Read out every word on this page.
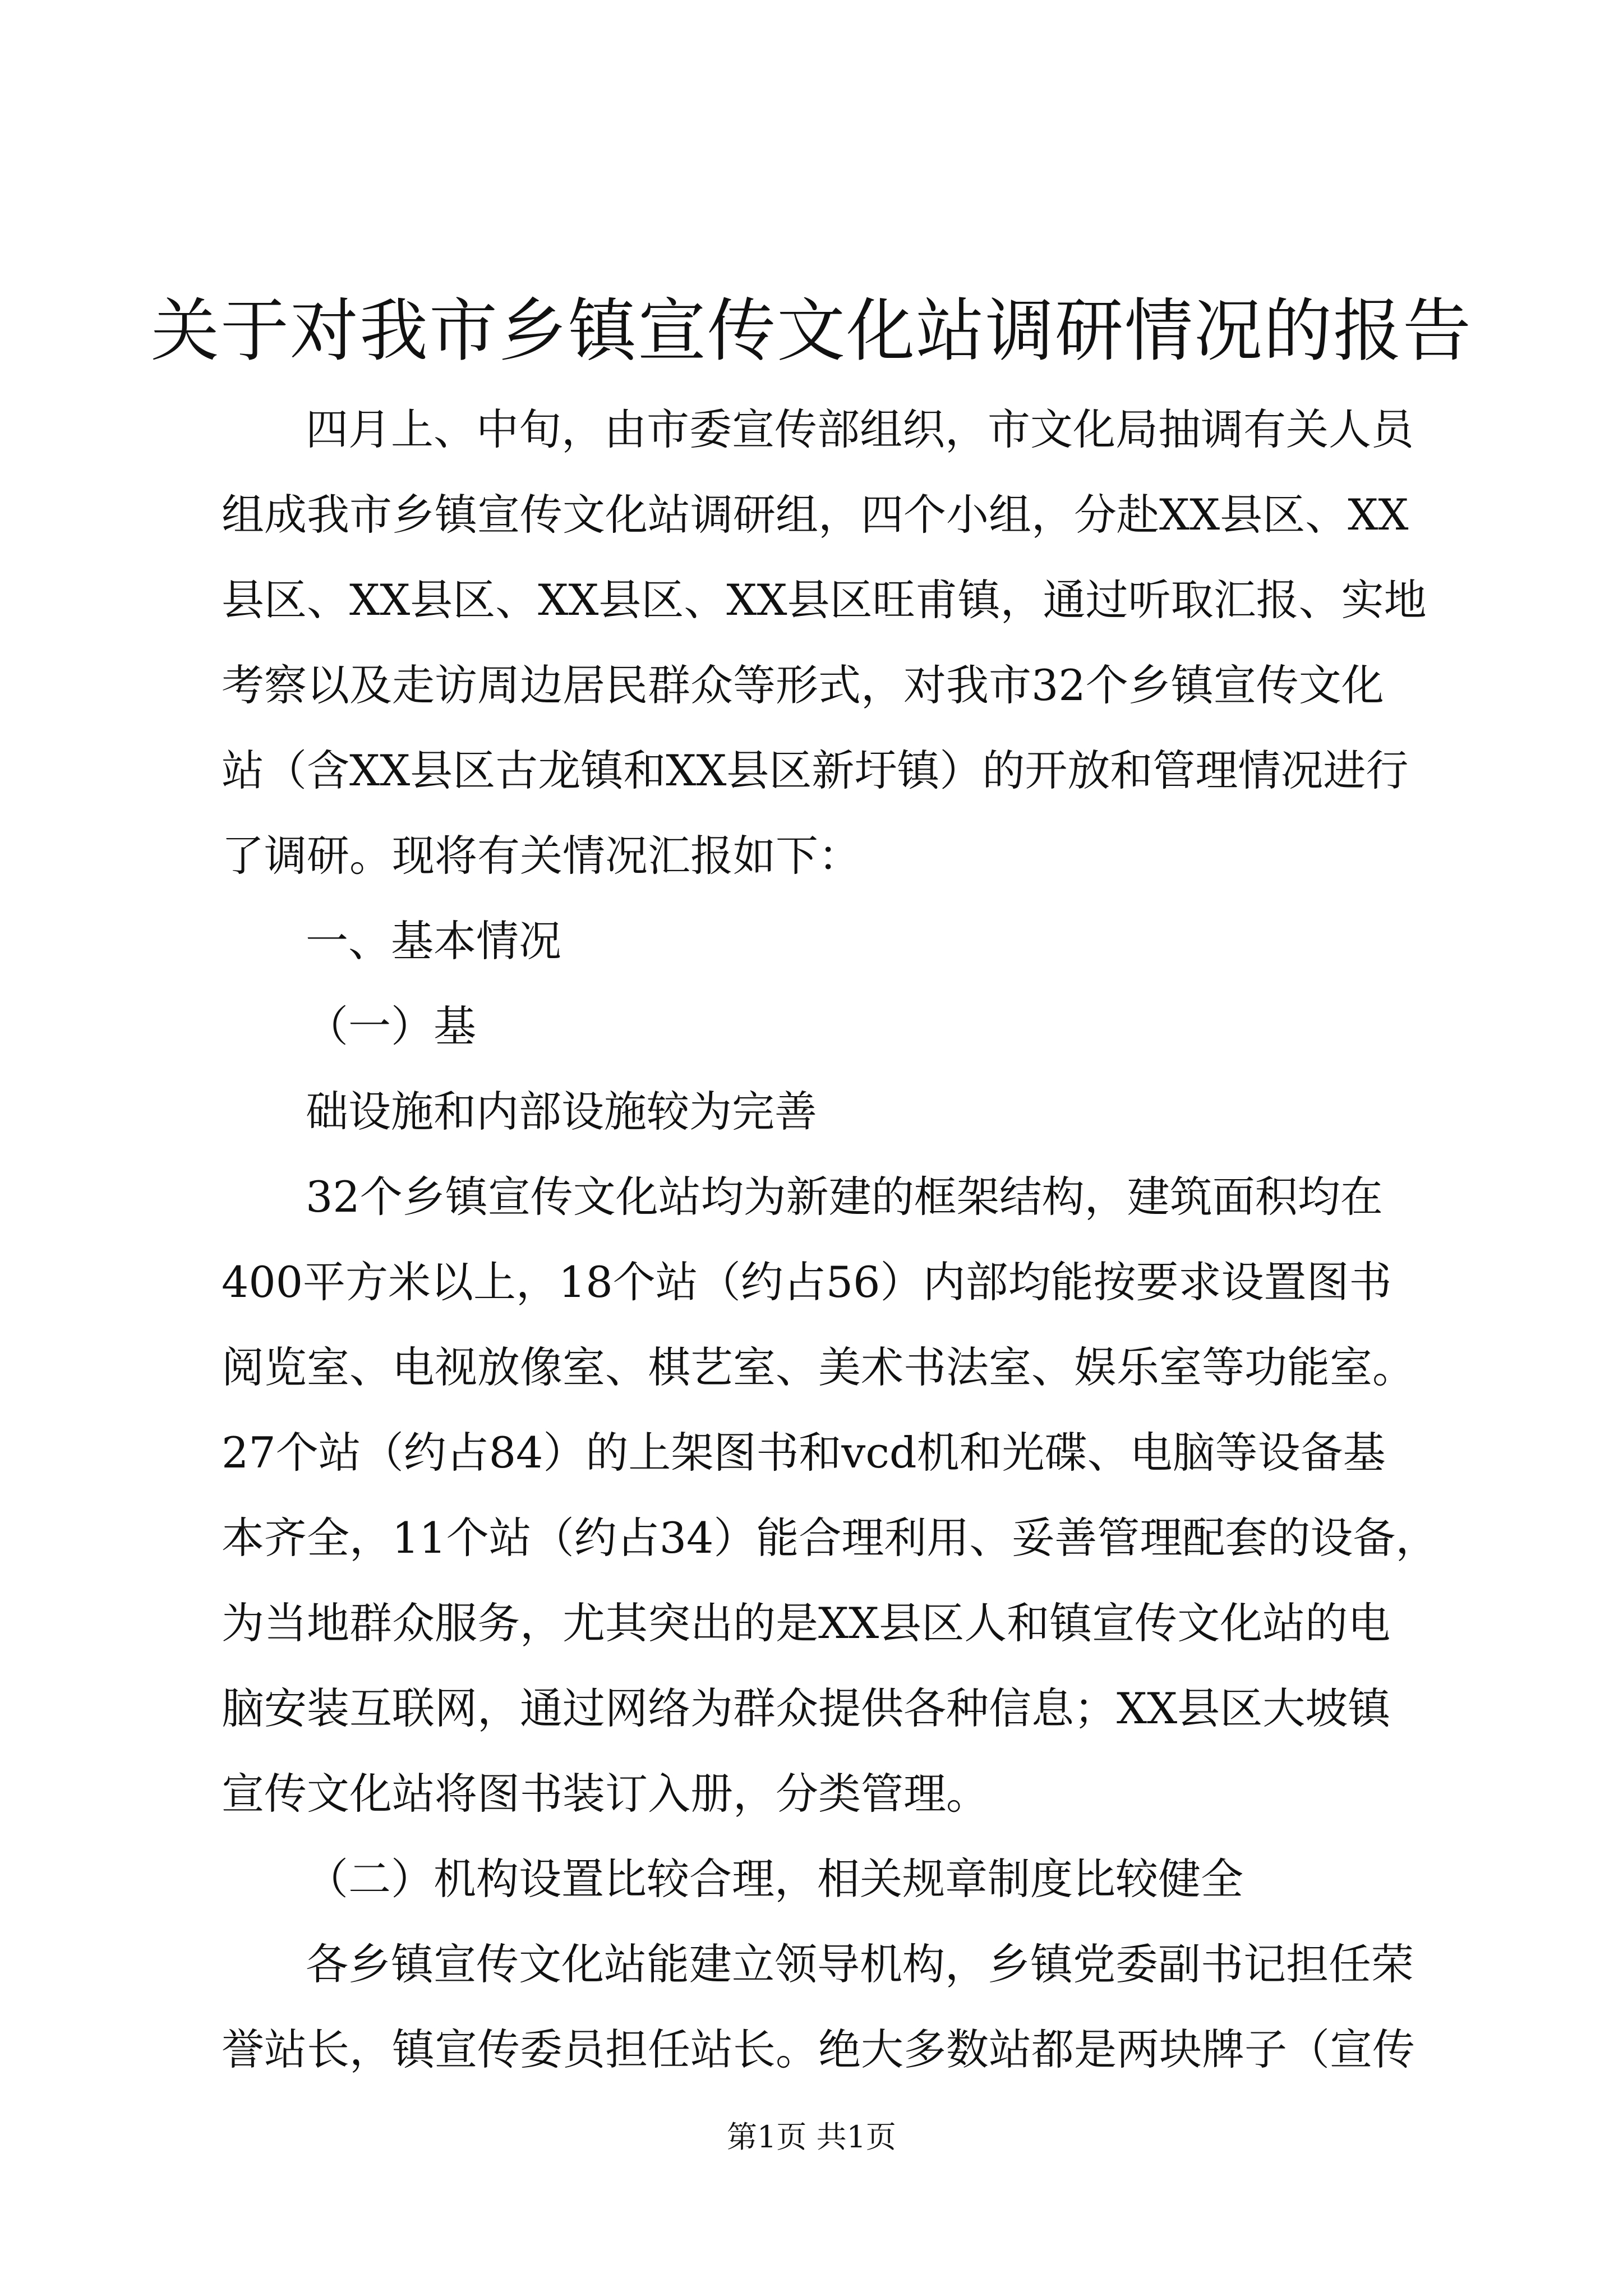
关于对我市乡镇宣传文化站调研情况的报告
四月上、中旬，由市委宣传部组织，市文化局抽调有关人员
组成我市乡镇宣传文化站调研组，四个小组，分赴XX县区、XX
县区、XX县区、XX县区、XX县区旺甫镇，通过听取汇报、实地
考察以及走访周边居民群众等形式，对我市32个乡镇宣传文化
站（含XX县区古龙镇和XX县区新圩镇）的开放和管理情况进行
了调研。现将有关情况汇报如下：
一、基本情况
（一）基
础设施和内部设施较为完善
32个乡镇宣传文化站均为新建的框架结构，建筑面积均在
400平方米以上，18个站（约占56）内部均能按要求设置图书
阅览室、电视放像室、棋艺室、美术书法室、娱乐室等功能室。
27个站（约占84）的上架图书和vcd机和光碟、电脑等设备基
本齐全，11个站（约占34）能合理利用、妥善管理配套的设备，
为当地群众服务，尤其突出的是XX县区人和镇宣传文化站的电
脑安装互联网，通过网络为群众提供各种信息；XX县区大坡镇
宣传文化站将图书装订入册，分类管理。
（二）机构设置比较合理，相关规章制度比较健全
各乡镇宣传文化站能建立领导机构，乡镇党委副书记担任荣
誉站长，镇宣传委员担任站长。绝大多数站都是两块牌子（宣传
第1页 共1页
